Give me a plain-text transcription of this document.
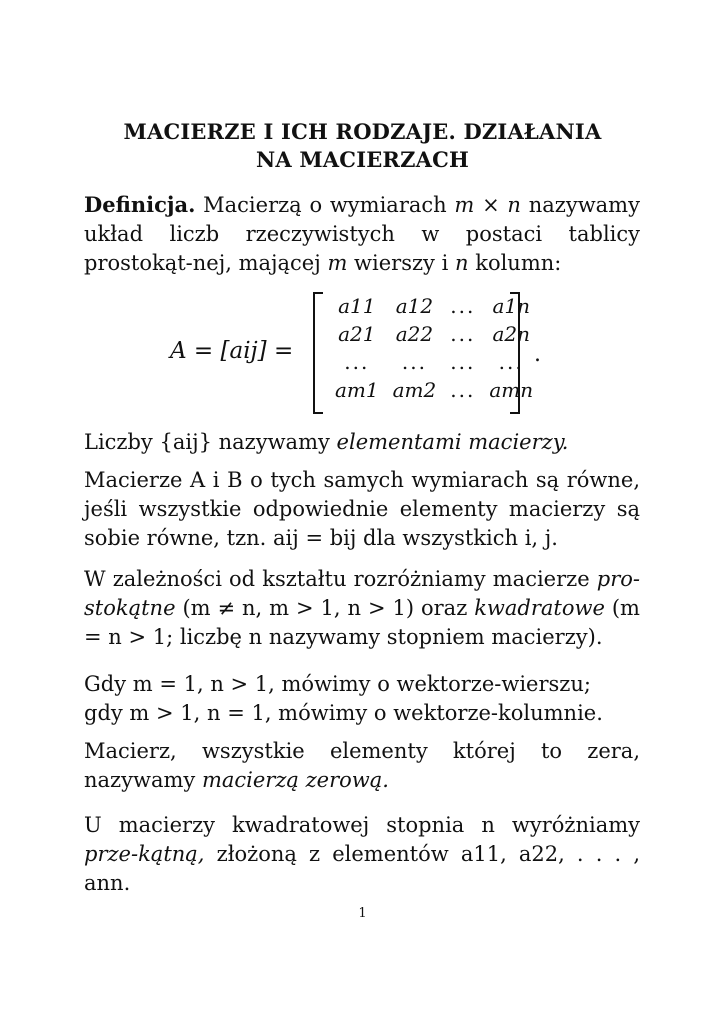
MACIERZE I ICH RODZAJE. DZIAŁANIA
NA MACIERZACH
Definicja. Macierzą o wymiarach m × n nazywamy układ liczb rzeczywistych w postaci tablicy prostokąt-nej, mającej m wierszy i n kolumn:
A = [aij] =
a11	a12	...	a1n
a21	a22	...	a2n
...	...	...	...
am1	am2	...	amn
.
Liczby {aij} nazywamy elementami macierzy.
Macierze A i B o tych samych wymiarach są równe, jeśli wszystkie odpowiednie elementy macierzy są sobie równe, tzn. aij = bij dla wszystkich i, j.
W zależności od kształtu rozróżniamy macierze pro-stokątne (m ≠ n, m > 1, n > 1) oraz kwadratowe (m = n > 1; liczbę n nazywamy stopniem macierzy).
Gdy m = 1, n > 1, mówimy o wektorze-wierszu;
gdy m > 1, n = 1, mówimy o wektorze-kolumnie.
Macierz, wszystkie elementy której to zera, nazywamy macierzą zerową.
U macierzy kwadratowej stopnia n wyróżniamy prze-kątną, złożoną z elementów a11, a22, . . . , ann.
1
